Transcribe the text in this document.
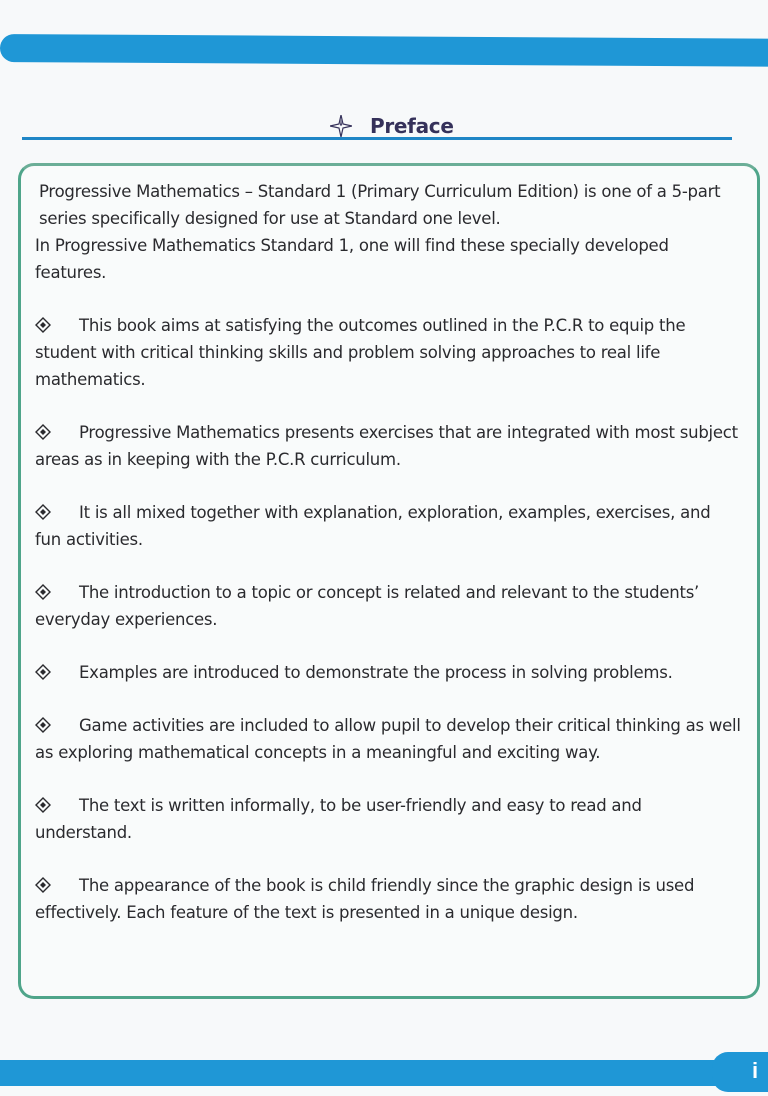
Preface

Progressive Mathematics – Standard 1 (Primary Curriculum Edition) is one of a 5-part series specifically designed for use at Standard one level.

In Progressive Mathematics Standard 1, one will find these specially developed features.

This book aims at satisfying the outcomes outlined in the P.C.R to equip the student with critical thinking skills and problem solving approaches to real life mathematics.
Progressive Mathematics presents exercises that are integrated with most subject areas as in keeping with the P.C.R curriculum.
It is all mixed together with explanation, exploration, examples, exercises, and fun activities.
The introduction to a topic or concept is related and relevant to the students’ everyday experiences.
Examples are introduced to demonstrate the process in solving problems.
Game activities are included to allow pupil to develop their critical thinking as well as exploring mathematical concepts in a meaningful and exciting way.
The text is written informally, to be user-friendly and easy to read and understand.
The appearance of the book is child friendly since the graphic design is used effectively. Each feature of the text is presented in a unique design.
i
